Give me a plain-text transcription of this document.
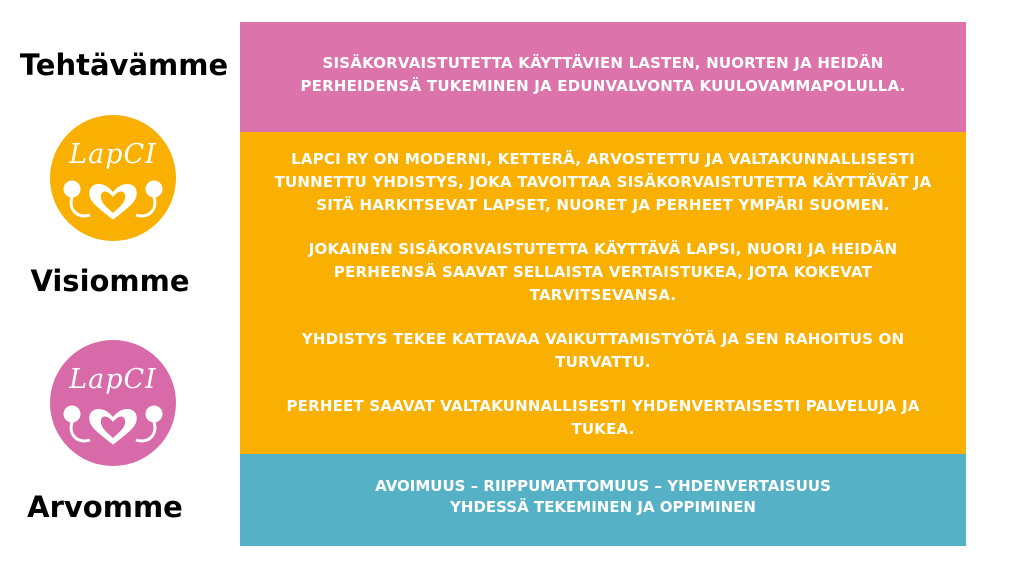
Tehtävämme
Visiomme
Arvomme
LapCI
LapCI

SISÄKORVAISTUTETTA KÄYTTÄVIEN LASTEN, NUORTEN JA HEIDÄN PERHEIDENSÄ TUKEMINEN JA EDUNVALVONTA KUULOVAMMAPOLULLA.

LAPCI RY ON MODERNI, KETTERÄ, ARVOSTETTU JA VALTAKUNNALLISESTI TUNNETTU YHDISTYS, JOKA TAVOITTAA SISÄKORVAISTUTETTA KÄYTTÄVÄT JA SITÄ HARKITSEVAT LAPSET, NUORET JA PERHEET YMPÄRI SUOMEN.

JOKAINEN SISÄKORVAISTUTETTA KÄYTTÄVÄ LAPSI, NUORI JA HEIDÄN PERHEENSÄ SAAVAT SELLAISTA VERTAISTUKEA, JOTA KOKEVAT TARVITSEVANSA.

YHDISTYS TEKEE KATTAVAA VAIKUTTAMISTYÖTÄ JA SEN RAHOITUS ON TURVATTU.

PERHEET SAAVAT VALTAKUNNALLISESTI YHDENVERTAISESTI PALVELUJA JA TUKEA.

AVOIMUUS – RIIPPUMATTOMUUS – YHDENVERTAISUUS
YHDESSÄ TEKEMINEN JA OPPIMINEN
